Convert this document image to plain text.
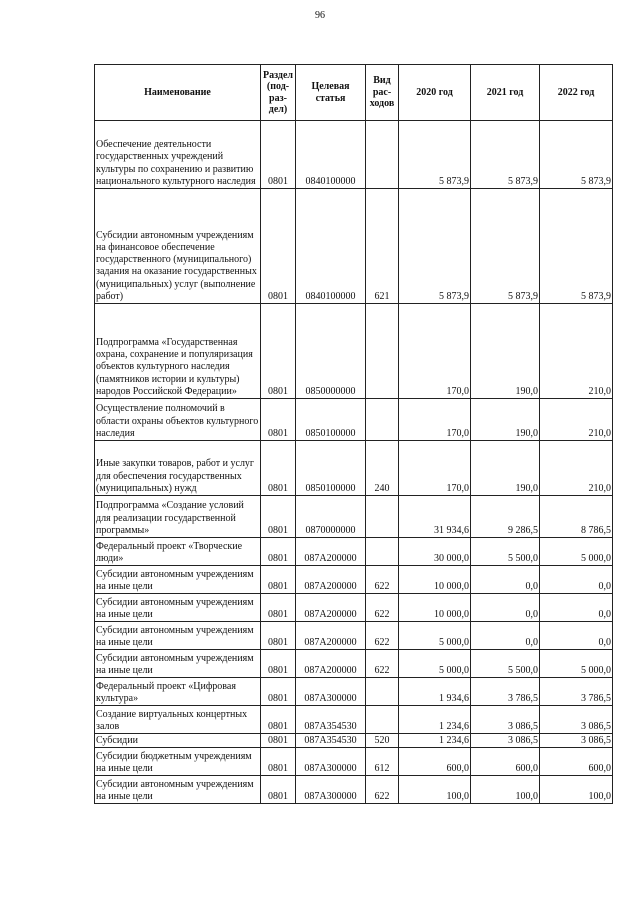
96
Наименование	Раздел (под-раз-дел)	Целевая статья	Вид рас-ходов	2020 год	2021 год	2022 год
Обеспечение деятельности государственных учреждений культуры по сохранению и развитию национального культурного наследия	0801	0840100000		5 873,9	5 873,9	5 873,9
Субсидии автономным учреждениям на финансовое обеспечение государственного (муниципального) задания на оказание государственных (муниципальных) услуг (выполнение работ)	0801	0840100000	621	5 873,9	5 873,9	5 873,9
Подпрограмма «Государственная охрана, сохранение и популяризация объектов культурного наследия (памятников истории и культуры) народов Российской Федерации»	0801	0850000000		170,0	190,0	210,0
Осуществление полномочий в области охраны объектов культурного наследия	0801	0850100000		170,0	190,0	210,0
Иные закупки товаров, работ и услуг для обеспечения государственных (муниципальных) нужд	0801	0850100000	240	170,0	190,0	210,0
Подпрограмма «Создание условий для реализации государственной программы»	0801	0870000000		31 934,6	9 286,5	8 786,5
Федеральный проект «Творческие люди»	0801	087А200000		30 000,0	5 500,0	5 000,0
Субсидии автономным учреждениям на иные цели	0801	087А200000	622	10 000,0	0,0	0,0
Субсидии автономным учреждениям на иные цели	0801	087А200000	622	10 000,0	0,0	0,0
Субсидии автономным учреждениям на иные цели	0801	087А200000	622	5 000,0	0,0	0,0
Субсидии автономным учреждениям на иные цели	0801	087А200000	622	5 000,0	5 500,0	5 000,0
Федеральный проект «Цифровая культура»	0801	087А300000		1 934,6	3 786,5	3 786,5
Создание виртуальных концертных залов	0801	087А354530		1 234,6	3 086,5	3 086,5
Субсидии	0801	087А354530	520	1 234,6	3 086,5	3 086,5
Субсидии бюджетным учреждениям на иные цели	0801	087А300000	612	600,0	600,0	600,0
Субсидии автономным учреждениям на иные цели	0801	087А300000	622	100,0	100,0	100,0
